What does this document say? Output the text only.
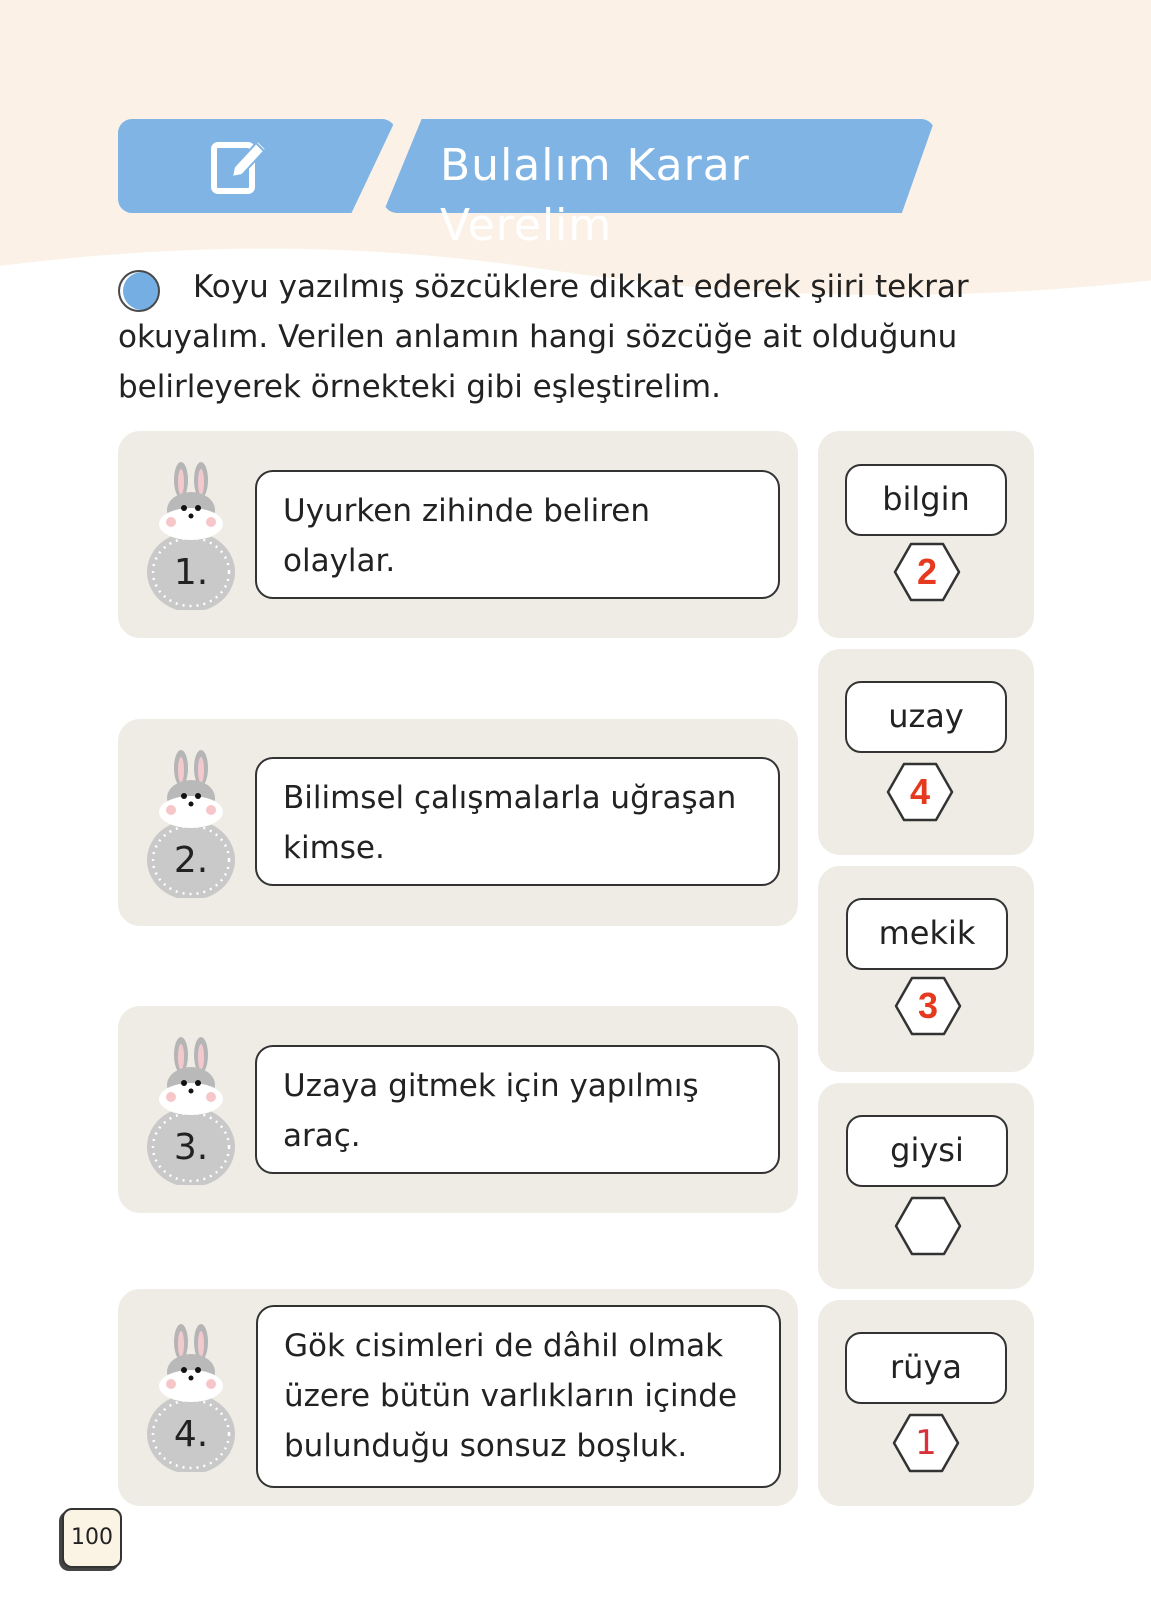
Bulalım Karar Verelim
Koyu yazılmış sözcüklere dikkat ederek şiiri tekrar okuyalım. Verilen anlamın hangi sözcüğe ait olduğunu belirleyerek örnekteki gibi eşleştirelim.
1.
2.
3.
4.
Uyurken zihinde beliren olaylar.
Bilimsel çalışmalarla uğraşan kimse.
Uzaya gitmek için yapılmış araç.
Gök cisimleri de dâhil olmak üzere bütün varlıkların içinde bulunduğu sonsuz boşluk.
bilgin
uzay
mekik
giysi
rüya
2
4
3
1
100
